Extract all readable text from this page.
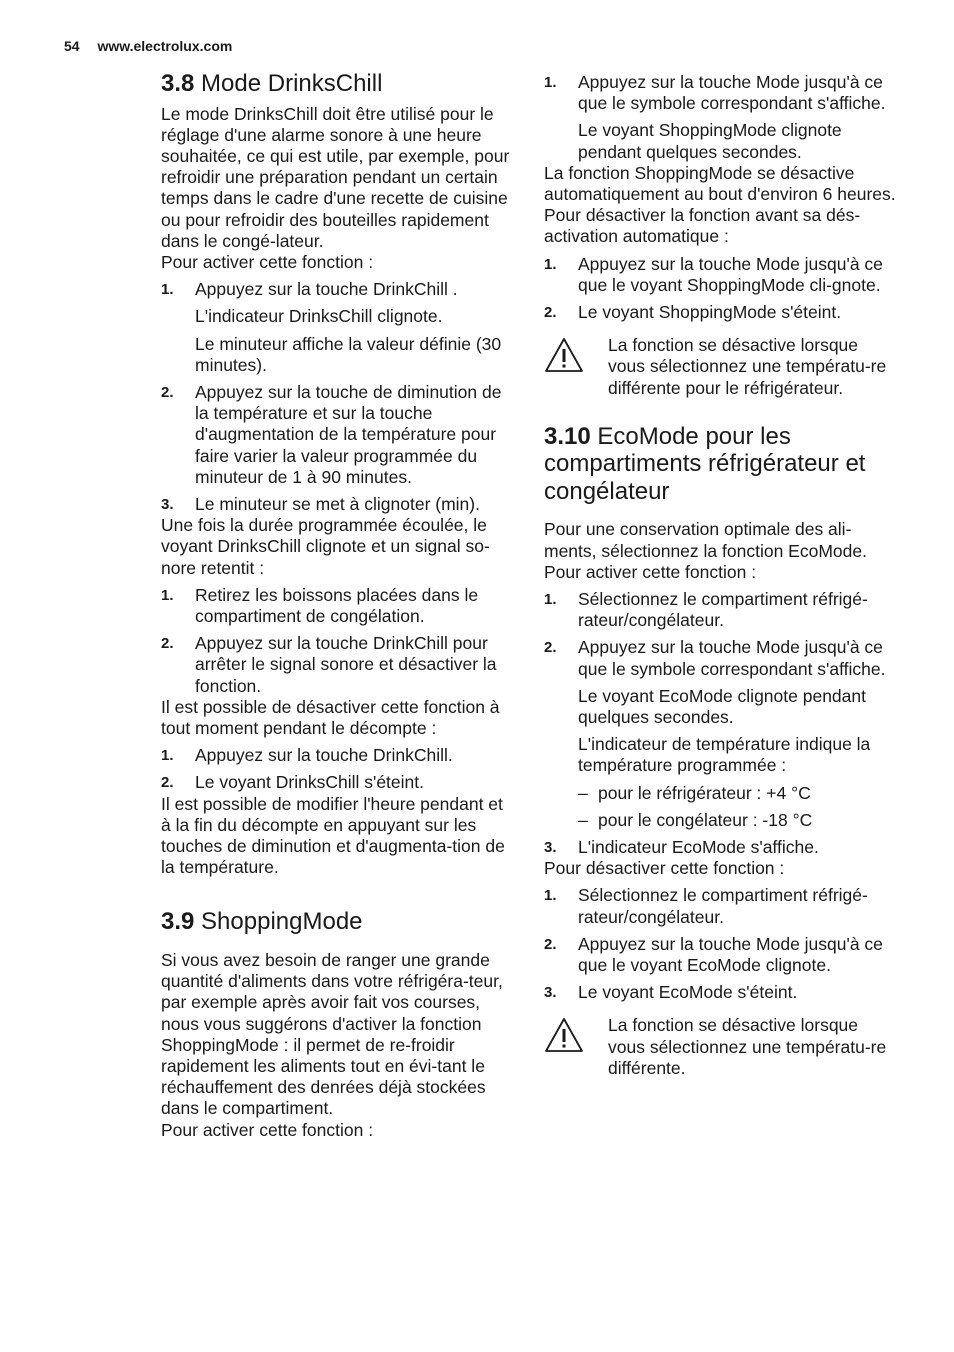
54 www.electrolux.com
3.8 Mode DrinksChill

Le mode DrinksChill doit être utilisé pour le réglage d'une alarme sonore à une heure souhaitée, ce qui est utile, par exemple, pour refroidir une préparation pendant un certain temps dans le cadre d'une recette de cuisine ou pour refroidir des bouteilles rapidement dans le congé-lateur.

Pour activer cette fonction :

1.	Appuyez sur la touche DrinkChill .

L'indicateur DrinksChill clignote.

Le minuteur affiche la valeur définie (30 minutes).

2.	Appuyez sur la touche de diminution de la température et sur la touche d'augmentation de la température pour faire varier la valeur programmée du minuteur de 1 à 90 minutes.
3.	Le minuteur se met à clignoter (min).

Une fois la durée programmée écoulée, le voyant DrinksChill clignote et un signal so-nore retentit :

1.	Retirez les boissons placées dans le compartiment de congélation.
2.	Appuyez sur la touche DrinkChill pour arrêter le signal sonore et désactiver la fonction.

Il est possible de désactiver cette fonction à tout moment pendant le décompte :

1.	Appuyez sur la touche DrinkChill.
2.	Le voyant DrinksChill s'éteint.

Il est possible de modifier l'heure pendant et à la fin du décompte en appuyant sur les touches de diminution et d'augmenta-tion de la température.

3.9 ShoppingMode

Si vous avez besoin de ranger une grande quantité d'aliments dans votre réfrigéra-teur, par exemple après avoir fait vos courses, nous vous suggérons d'activer la fonction ShoppingMode : il permet de re-froidir rapidement les aliments tout en évi-tant le réchauffement des denrées déjà stockées dans le compartiment.

Pour activer cette fonction :

1.	Appuyez sur la touche Mode jusqu'à ce que le symbole correspondant s'affiche.

Le voyant ShoppingMode clignote pendant quelques secondes.

La fonction ShoppingMode se désactive automatiquement au bout d'environ 6 heures.

Pour désactiver la fonction avant sa dés-activation automatique :

1.	Appuyez sur la touche Mode jusqu'à ce que le voyant ShoppingMode cli-gnote.
2.	Le voyant ShoppingMode s'éteint.
La fonction se désactive lorsque vous sélectionnez une températu-re différente pour le réfrigérateur.
3.10 EcoMode pour les compartiments réfrigérateur et congélateur

Pour une conservation optimale des ali-ments, sélectionnez la fonction EcoMode.

Pour activer cette fonction :

1.	Sélectionnez le compartiment réfrigé-rateur/congélateur.
2.	Appuyez sur la touche Mode jusqu'à ce que le symbole correspondant s'affiche.

Le voyant EcoMode clignote pendant quelques secondes.

L'indicateur de température indique la température programmée :

– pour le réfrigérateur : +4 °C
– pour le congélateur : -18 °C
3.	L'indicateur EcoMode s'affiche.

Pour désactiver cette fonction :

1.	Sélectionnez le compartiment réfrigé-rateur/congélateur.
2.	Appuyez sur la touche Mode jusqu'à ce que le voyant EcoMode clignote.
3.	Le voyant EcoMode s'éteint.
La fonction se désactive lorsque vous sélectionnez une températu-re différente.
